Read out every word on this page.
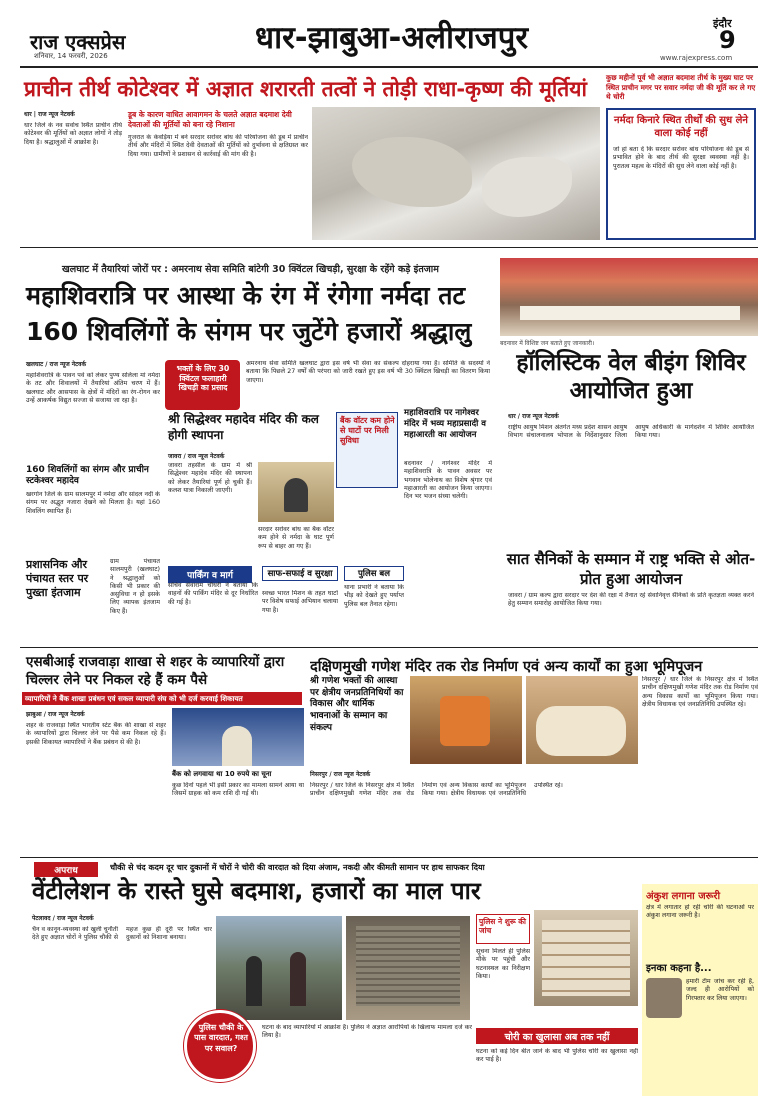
राज एक्सप्रेस
शनिवार, 14 फरवरी, 2026	धार-झाबुआ-अलीराजपुर	इंदौर
9
www.rajexpress.com
प्राचीन तीर्थ कोटेश्वर में अज्ञात शरारती तत्वों ने तोड़ी राधा-कृष्ण की मूर्तियां
धार | राज न्यूज नेटवर्क
धार जिले के नव सर्वाच स्थित प्राचीन तीर्थ कोटेश्वर की मूर्तियों को अज्ञात लोगों ने तोड़ दिया है। श्रद्धालुओं में आक्रोश है।
डूब के कारण वाधित आवागमन के चलते अज्ञात बदमाश देवी देवताओं की मूर्तियों को बना रहे निशाना
गुजरात के केवड़िया में बने सरदार सरोवर बांध की परियोजना की डूब में प्राचीन तीर्थ और मंदिरों में स्थित देवी देवताओं की मूर्तियों को दुर्भावना से क्षतिग्रस्त कर दिया गया। ग्रामीणों ने प्रशासन से कार्रवाई की मांग की है।
कुछ महीनों पूर्व भी अज्ञात बदमाश तीर्थ के मुख्य घाट पर स्थित प्राचीन मगर पर सवार नर्मदा जी की मूर्ति कर ले गए थे चोरी
नर्मदा किनारे स्थित तीर्थों की सुध लेने वाला कोई नहीं
जो हां बता दें कि सरदार सरोवर बांध परियोजना की डूब से प्रभावित होने के बाद तीर्थ की सुरक्षा व्यवस्था नहीं है। पुरातत्व महत्व के मंदिरों की सुध लेने वाला कोई नहीं है।
खलघाट में तैयारियां जोरों पर : अमरनाथ सेवा समिति बांटेगी 30 क्विंटल खिचड़ी, सुरक्षा के रहेंगे कड़े इंतजाम
महाशिवरात्रि पर आस्था के रंग में रंगेगा नर्मदा तट
160 शिवलिंगों के संगम पर जुटेंगे हजारों श्रद्धालु
खलघाट / राज न्यूज नेटवर्क
महाशिवरात्रि के पावन पर्व को लेकर पुण्य सलिला मां नर्मदा के तट और शिवालयों में तैयारियां अंतिम चरण में हैं। खलघाट और आसपास के क्षेत्रों में मंदिरों का रंग-रोगन कर उन्हें आकर्षक विद्युत सज्जा से सजाया जा रहा है।
160 शिवलिंगों का संगम और प्राचीन स्टकेश्वर महादेव
खरगोन जिले के ग्राम सालमपुर में नर्मदा और सांदल नदी के संगम पर अद्भुत नजारा देखने को मिलता है। यहां 160 शिवलिंग स्थापित हैं।
प्रशासनिक और पंचायत स्तर पर पुख्ता इंतजाम
ग्राम पंचायत सालमपुरी (खलघाट) ने श्रद्धालुओं को किसी भी प्रकार की असुविधा न हो इसके लिए व्यापक इंतजाम किए हैं।
भक्तों के लिए 30 क्विंटल फलाहारी खिचड़ी का प्रसाद
अमरनाथ सेवा समिति खलघाट द्वारा इस वर्ष भी सेवा का संकल्प दोहराया गया है। समिति के सदस्यों ने बताया कि पिछले 27 वर्षों की परंपरा को जारी रखते हुए इस वर्ष भी 30 क्विंटल खिचड़ी का वितरण किया जाएगा।
श्री सिद्धेश्वर महादेव मंदिर की कल होगी स्थापना
जावरा / राज न्यूज नेटवर्क
जावरा तहसील के ग्राम में श्री सिद्धेश्वर महादेव मंदिर की स्थापना को लेकर तैयारियां पूर्ण हो चुकी हैं। कलश यात्रा निकाली जाएगी।
सरदार सरोवर बांध का बैक वॉटर कम होने से नर्मदा के घाट पूर्ण रूप से बाहर आ गए हैं।
बैंक वॉटर कम होने से घाटों पर मिली सुविधा
पार्किंग व मार्ग
सचिव सेवाराम चौधरी ने बताया कि वाहनों की पार्किंग मंदिर से दूर निर्धारित की गई है।
साफ-सफाई व सुरक्षा
स्वच्छ भारत मिशन के तहत घाटों पर विशेष सफाई अभियान चलाया गया है।
पुलिस बल
थाना प्रभारी ने बताया कि भीड़ को देखते हुए पर्याप्त पुलिस बल तैनात रहेगा।
महाशिवरात्रि पर नागेश्वर मंदिर में भव्य महाप्रसादी व महाआरती का आयोजन
बदनावर / नागेश्वर मंदिर में महाशिवरात्रि के पावन अवसर पर भगवान भोलेनाथ का विशेष श्रृंगार एवं महाआरती का आयोजन किया जाएगा। दिन भर भजन संध्या चलेगी।
बदनावर में विशिष्ट जन बताते हुए जानकारी।
हॉलिस्टिक वेल बीइंग शिविर आयोजित हुआ
धार / राज न्यूज नेटवर्क
राष्ट्रीय आयुष मिशन अंतर्गत मध्य प्रदेश शासन आयुष विभाग संचालनालय भोपाल के निर्देशानुसार जिला आयुष अधिकारी के मार्गदर्शन में शिविर आयोजित किया गया।
सात सैनिकों के सम्मान में राष्ट्र भक्ति से ओत-प्रोत हुआ आयोजन
जावरा / ग्राम कल्प द्वारा सरदार पर देश की रक्षा में तैनात रहे सेवानिवृत्त सैनिकों के प्रति कृतज्ञता व्यक्त करने हेतु सम्मान समारोह आयोजित किया गया।
एसबीआई राजवाड़ा शाखा से शहर के व्यापारियों द्वारा चिल्लर लेने पर निकल रहे हैं कम पैसे
व्यापारियों ने बैंक शाखा प्रबंधन एवं सकल व्यापारी संघ को भी दर्ज करवाई शिकायत
झाबुआ / राज न्यूज नेटवर्क
शहर के राजवाड़ा स्थित भारतीय स्टेट बैंक की शाखा से शहर के व्यापारियों द्वारा चिल्लर लेने पर पैसे कम निकल रहे हैं। इसकी शिकायत व्यापारियों ने बैंक प्रबंधन से की है।
बैंक को लगवाया था 10 रुपये का चूना
कुछ दिनों पहले भी इसी प्रकार का मामला सामने आया था जिसमें ग्राहक को कम राशि दी गई थी।
दक्षिणमुखी गणेश मंदिर तक रोड निर्माण एवं अन्य कार्यों का हुआ भूमिपूजन
श्री गणेश भक्तों की आस्था पर क्षेत्रीय जनप्रतिनिधियों का विकास और धार्मिक भावनाओं के सम्मान का संकल्प
निसरपुर / धार जिले के निसरपुर क्षेत्र में स्थित प्राचीन दक्षिणमुखी गणेश मंदिर तक रोड निर्माण एवं अन्य विकास कार्यों का भूमिपूजन किया गया। क्षेत्रीय विधायक एवं जनप्रतिनिधि उपस्थित रहे।
निसरपुर / राज न्यूज नेटवर्क
निसरपुर / धार जिले के निसरपुर क्षेत्र में स्थित प्राचीन दक्षिणमुखी गणेश मंदिर तक रोड निर्माण एवं अन्य विकास कार्यों का भूमिपूजन किया गया। क्षेत्रीय विधायक एवं जनप्रतिनिधि उपस्थित रहे।
अपराध	चौकी से चंद कदम दूर चार दुकानों में चोरों ने चोरी की वारदात को दिया अंजाम, नकदी और कीमती सामान पर हाथ साफकर दिया
वेंटीलेशन के रास्ते घुसे बदमाश, हजारों का माल पार
पेटलावद / राज न्यूज नेटवर्क
चैन व कानून-व्यवस्था को खुली चुनौती देते हुए अज्ञात चोरों ने पुलिस चौकी से महज कुछ ही दूरी पर स्थित चार दुकानों को निशाना बनाया।
पुलिस चौकी के पास वारदात, गश्त पर सवाल?
घटना के बाद व्यापारियों में आक्रोश है। पुलिस ने अज्ञात आरोपियों के खिलाफ मामला दर्ज कर लिया है।
पुलिस ने शुरू की जांच
सूचना मिलते ही पुलिस मौके पर पहुंची और घटनास्थल का निरीक्षण किया।
चोरी का खुलासा अब तक नहीं
घटना को कई दिन बीत जाने के बाद भी पुलिस चोरी का खुलासा नहीं कर पाई है।
अंकुश लगाना जरूरी
क्षेत्र में लगातार हो रही चोरी की घटनाओं पर अंकुश लगाना जरूरी है।
इनका कहना है...
हमारी टीम जांच कर रही है, जल्द ही आरोपियों को गिरफ्तार कर लिया जाएगा।
